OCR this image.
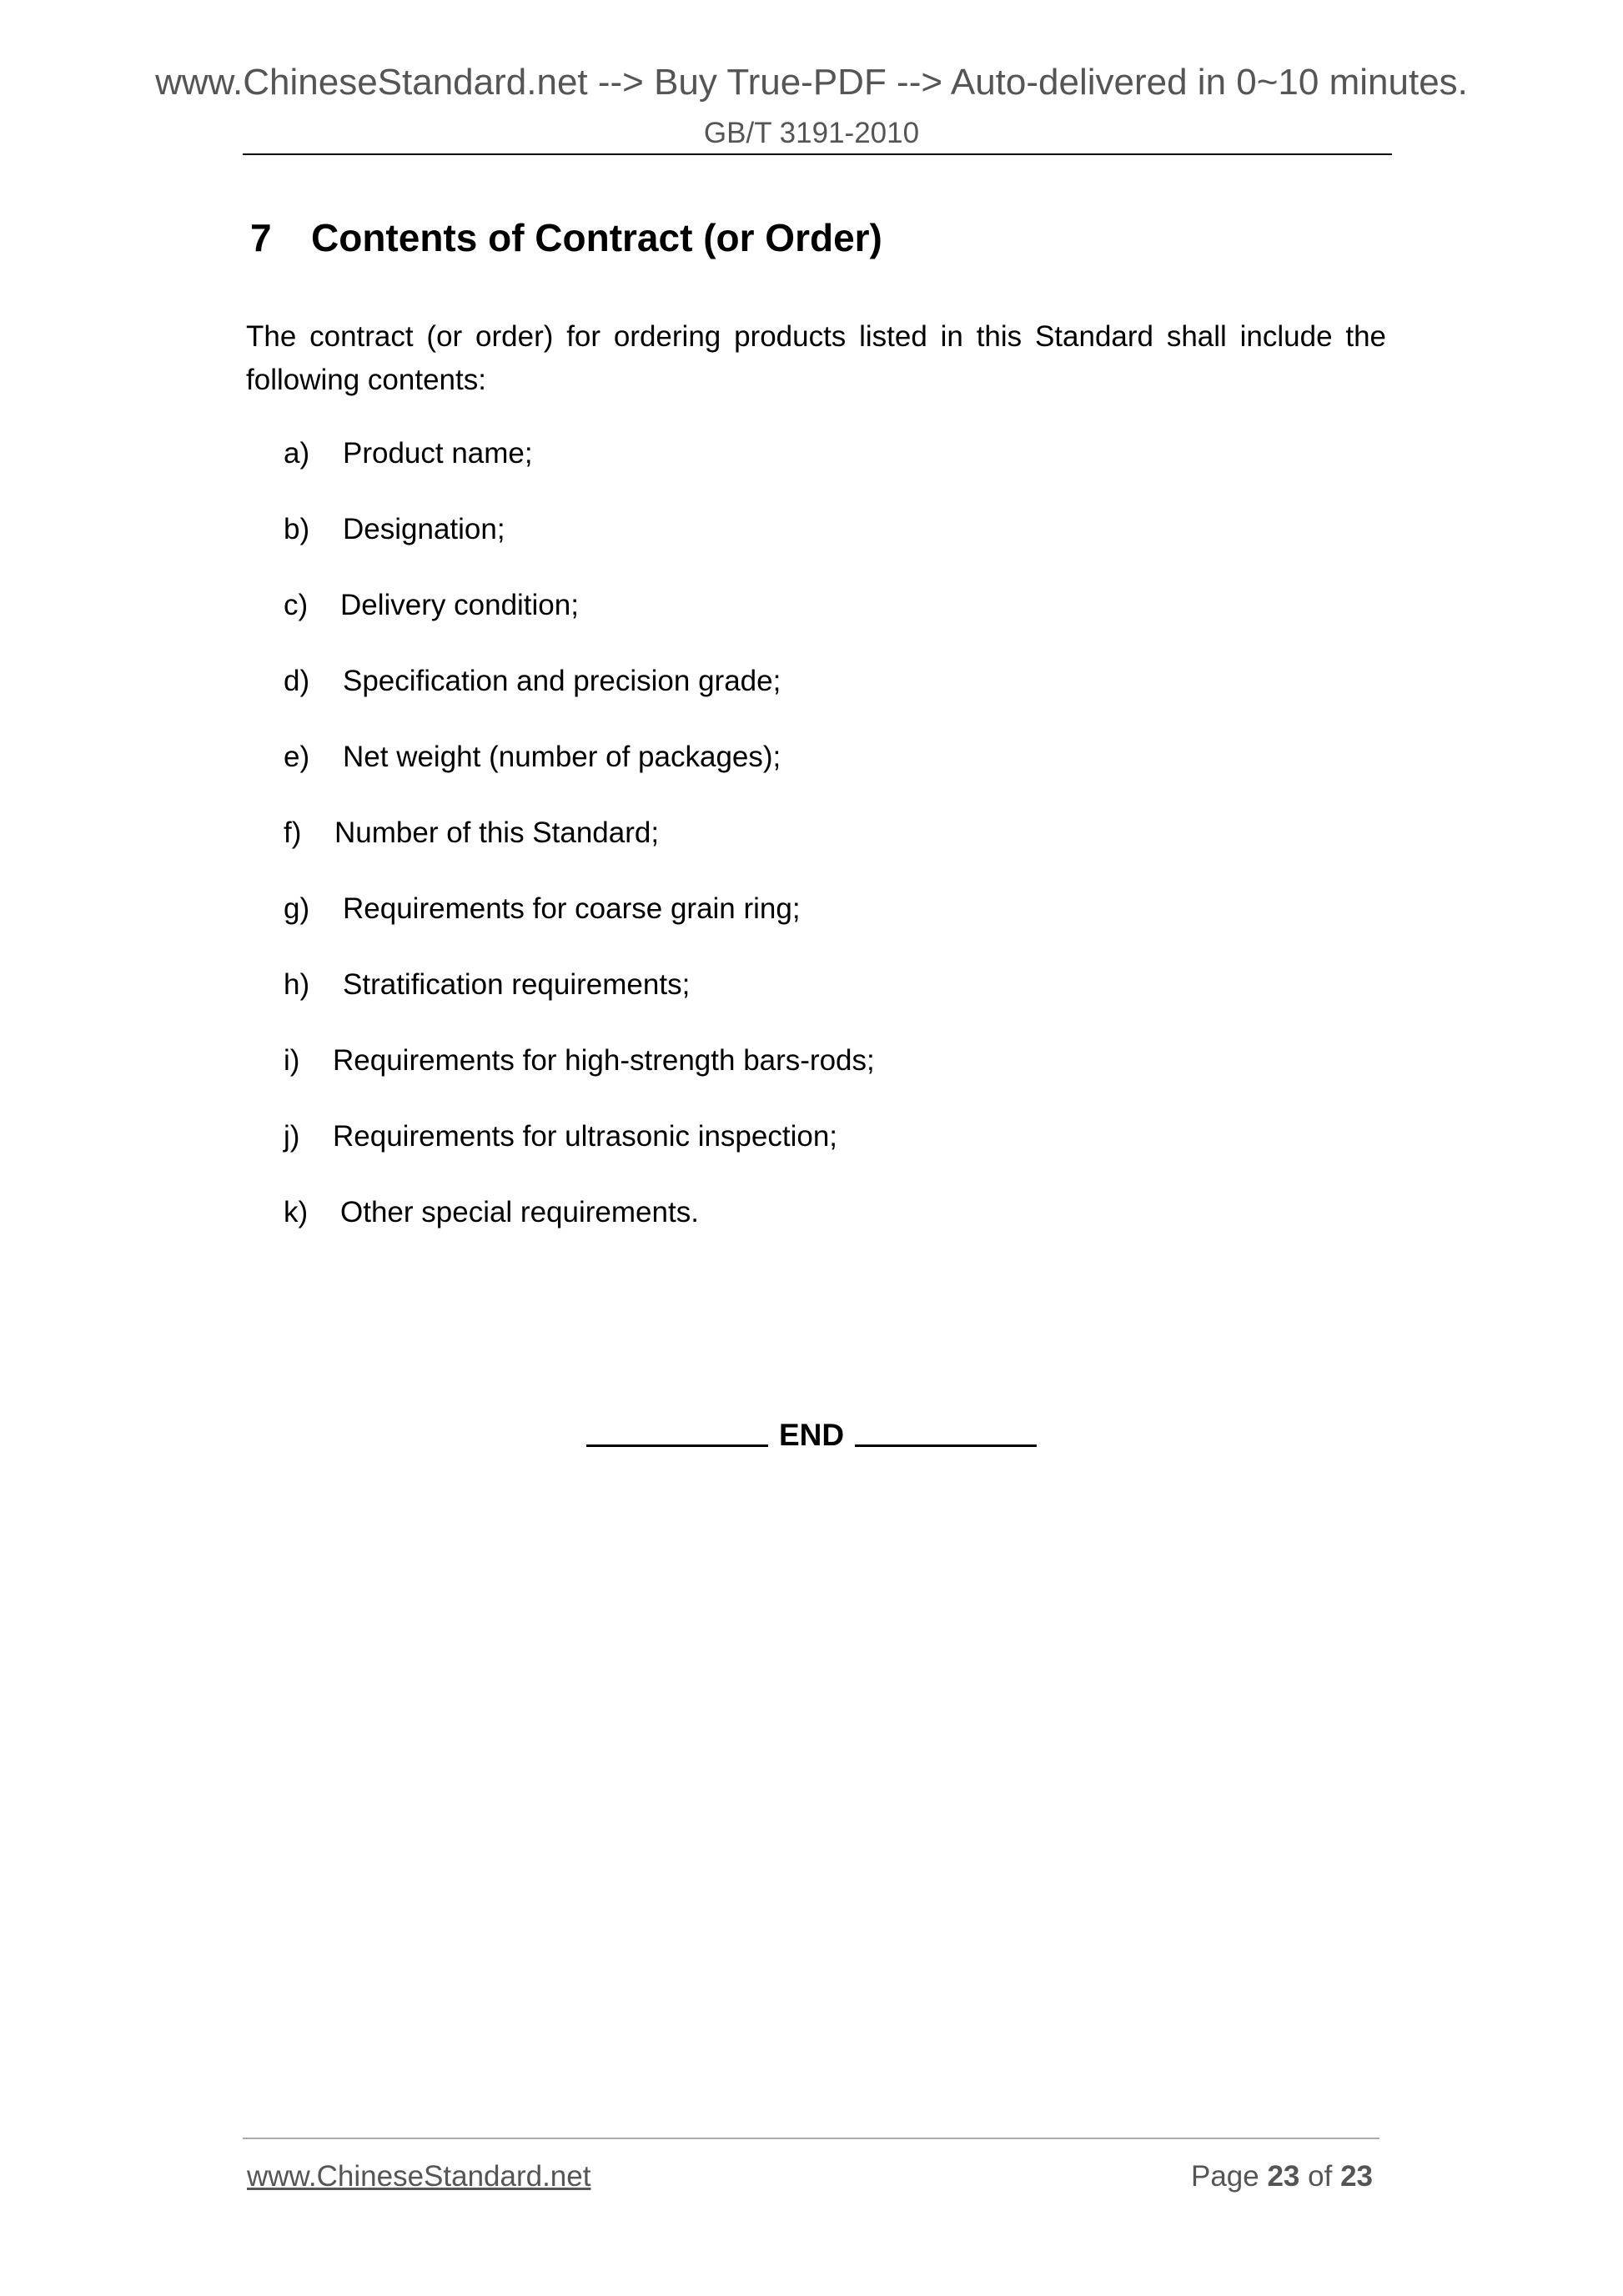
www.ChineseStandard.net --> Buy True-PDF --> Auto-delivered in 0~10 minutes.
GB/T 3191-2010
7 Contents of Contract (or Order)
The contract (or order) for ordering products listed in this Standard shall include the following contents:
a) Product name;
b) Designation;
c) Delivery condition;
d) Specification and precision grade;
e) Net weight (number of packages);
f) Number of this Standard;
g) Requirements for coarse grain ring;
h) Stratification requirements;
i) Requirements for high-strength bars-rods;
j) Requirements for ultrasonic inspection;
k) Other special requirements.
END
www.ChineseStandard.net	Page 23 of 23
